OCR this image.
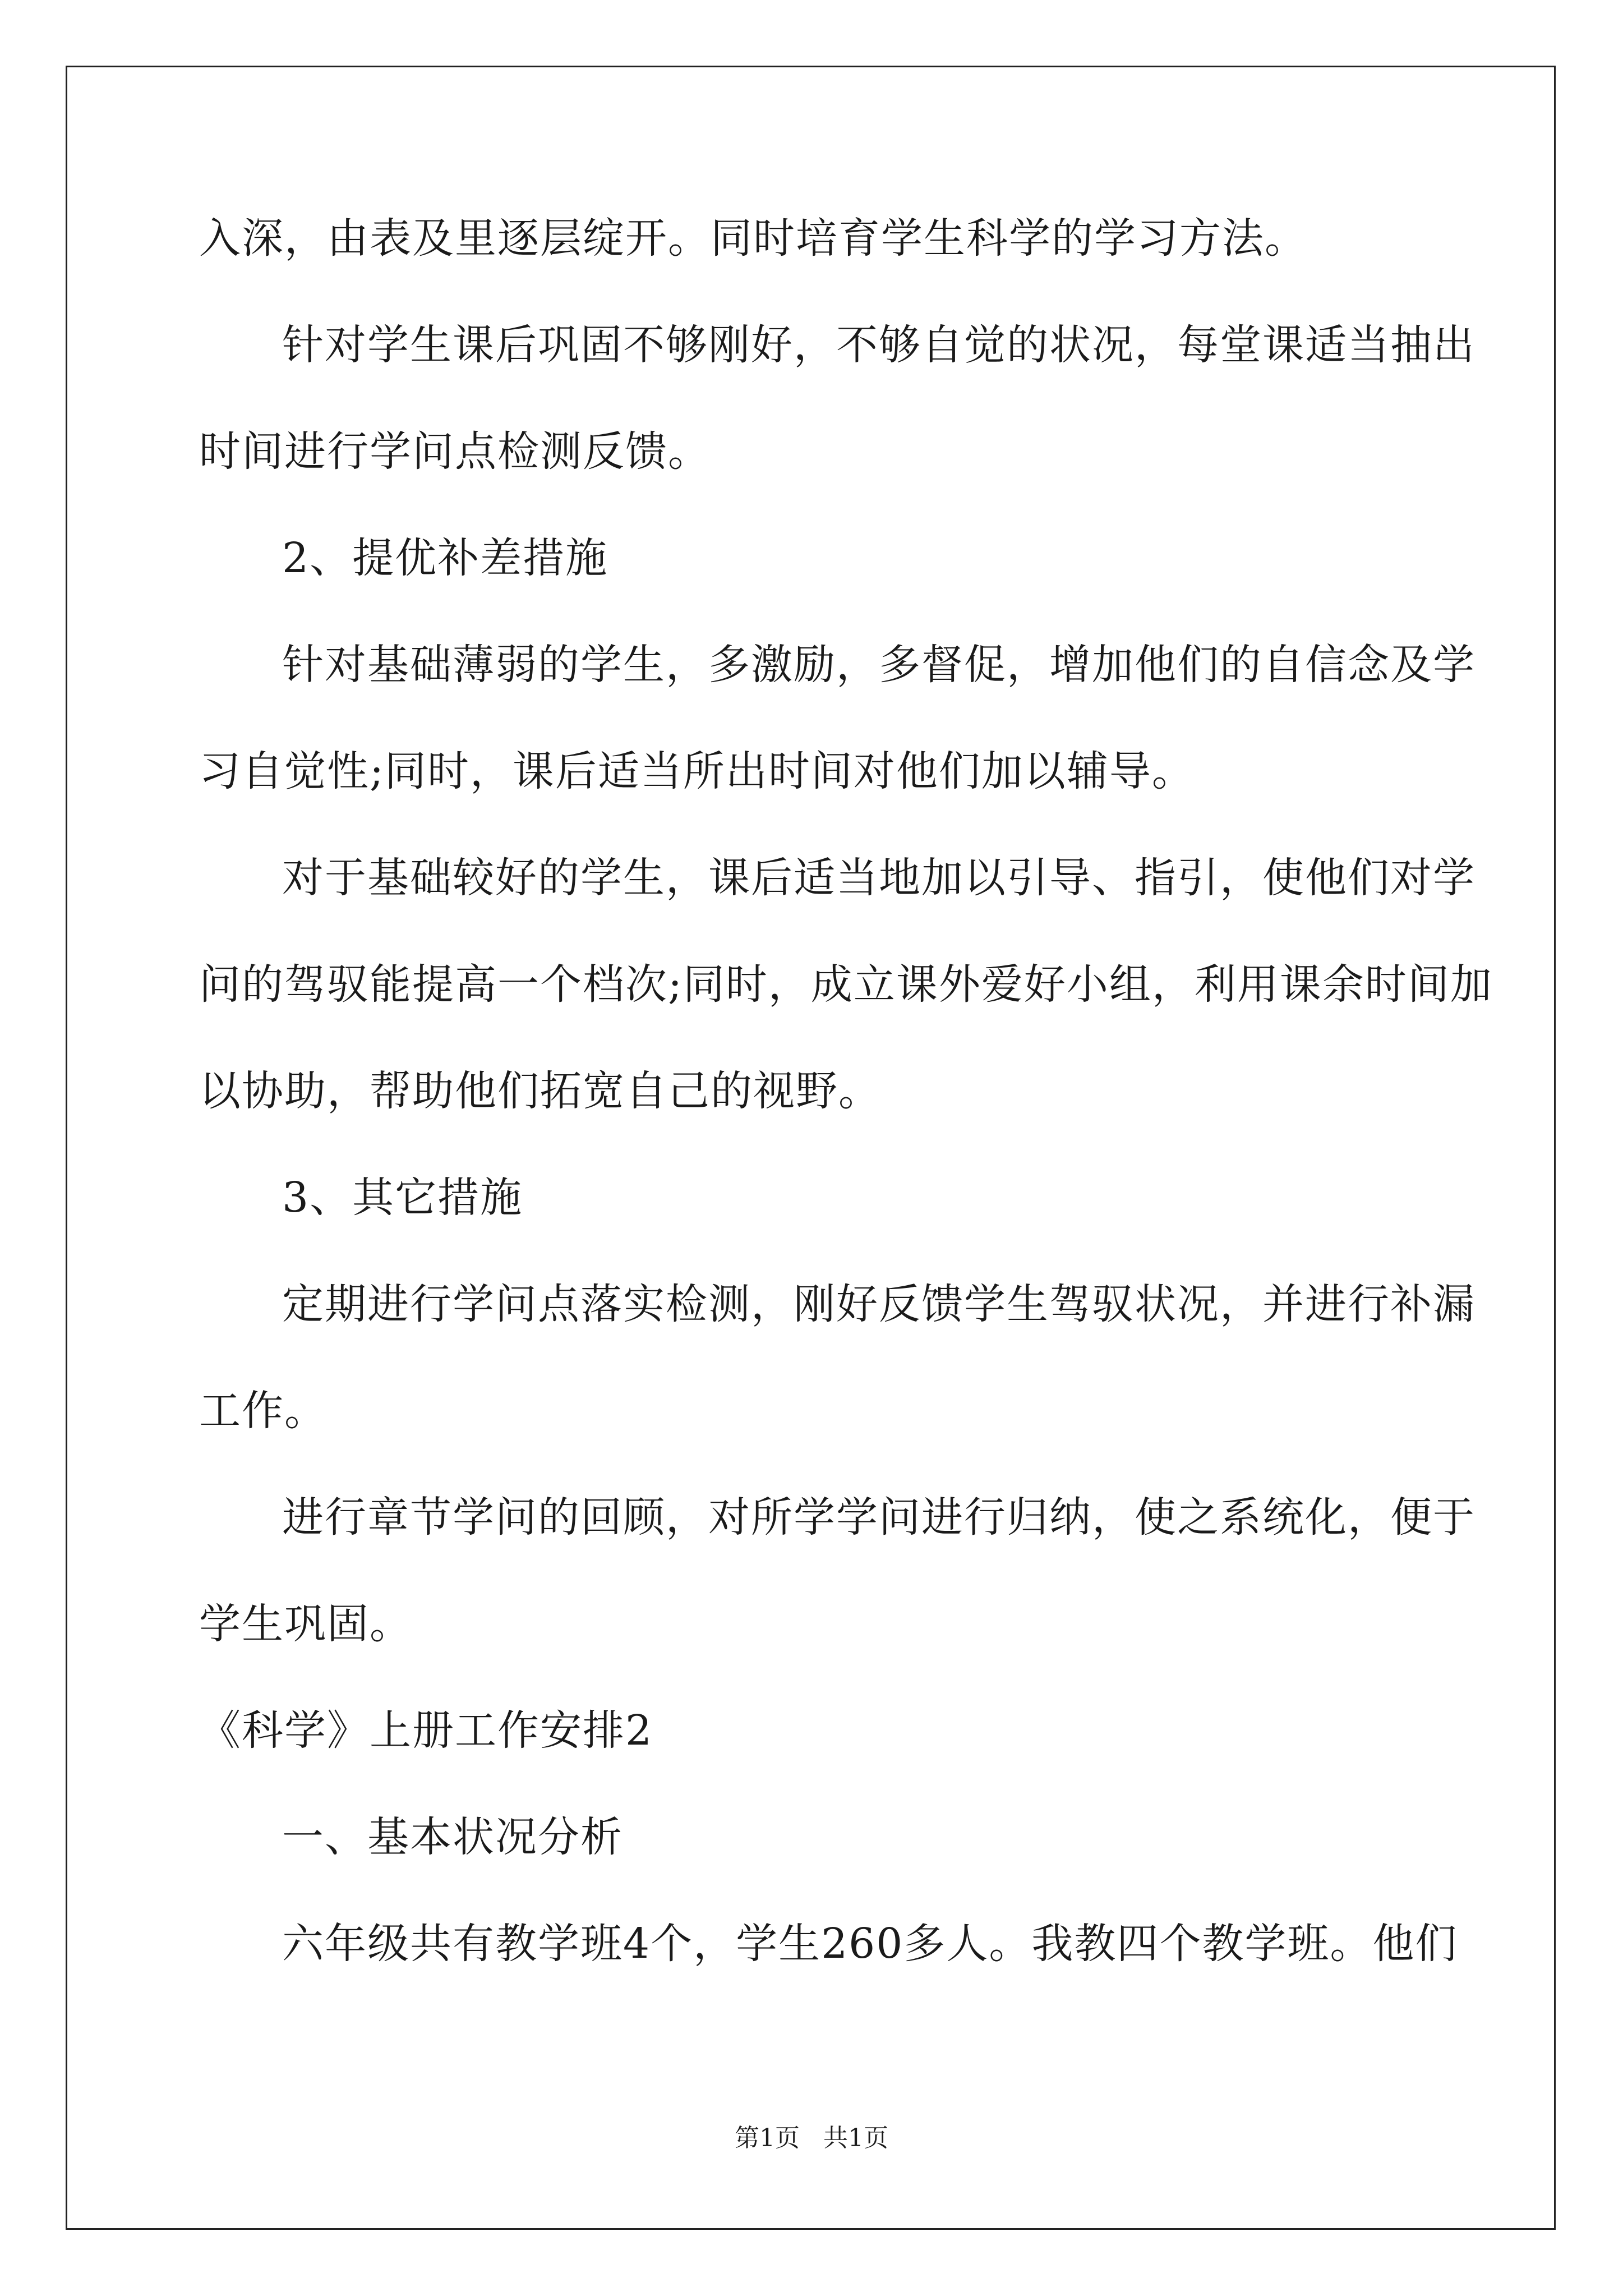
入深，由表及里逐层绽开。同时培育学生科学的学习方法。
针对学生课后巩固不够刚好，不够自觉的状况，每堂课适当抽出
时间进行学问点检测反馈。
2、提优补差措施
针对基础薄弱的学生，多激励，多督促，增加他们的自信念及学
习自觉性;同时，课后适当所出时间对他们加以辅导。
对于基础较好的学生，课后适当地加以引导、指引，使他们对学
问的驾驭能提高一个档次;同时，成立课外爱好小组，利用课余时间加
以协助，帮助他们拓宽自己的视野。
3、其它措施
定期进行学问点落实检测，刚好反馈学生驾驭状况，并进行补漏
工作。
进行章节学问的回顾，对所学学问进行归纳，使之系统化，便于
学生巩固。
《科学》上册工作安排2
一、基本状况分析
六年级共有教学班4个，学生260多人。我教四个教学班。他们
第1页   共1页
